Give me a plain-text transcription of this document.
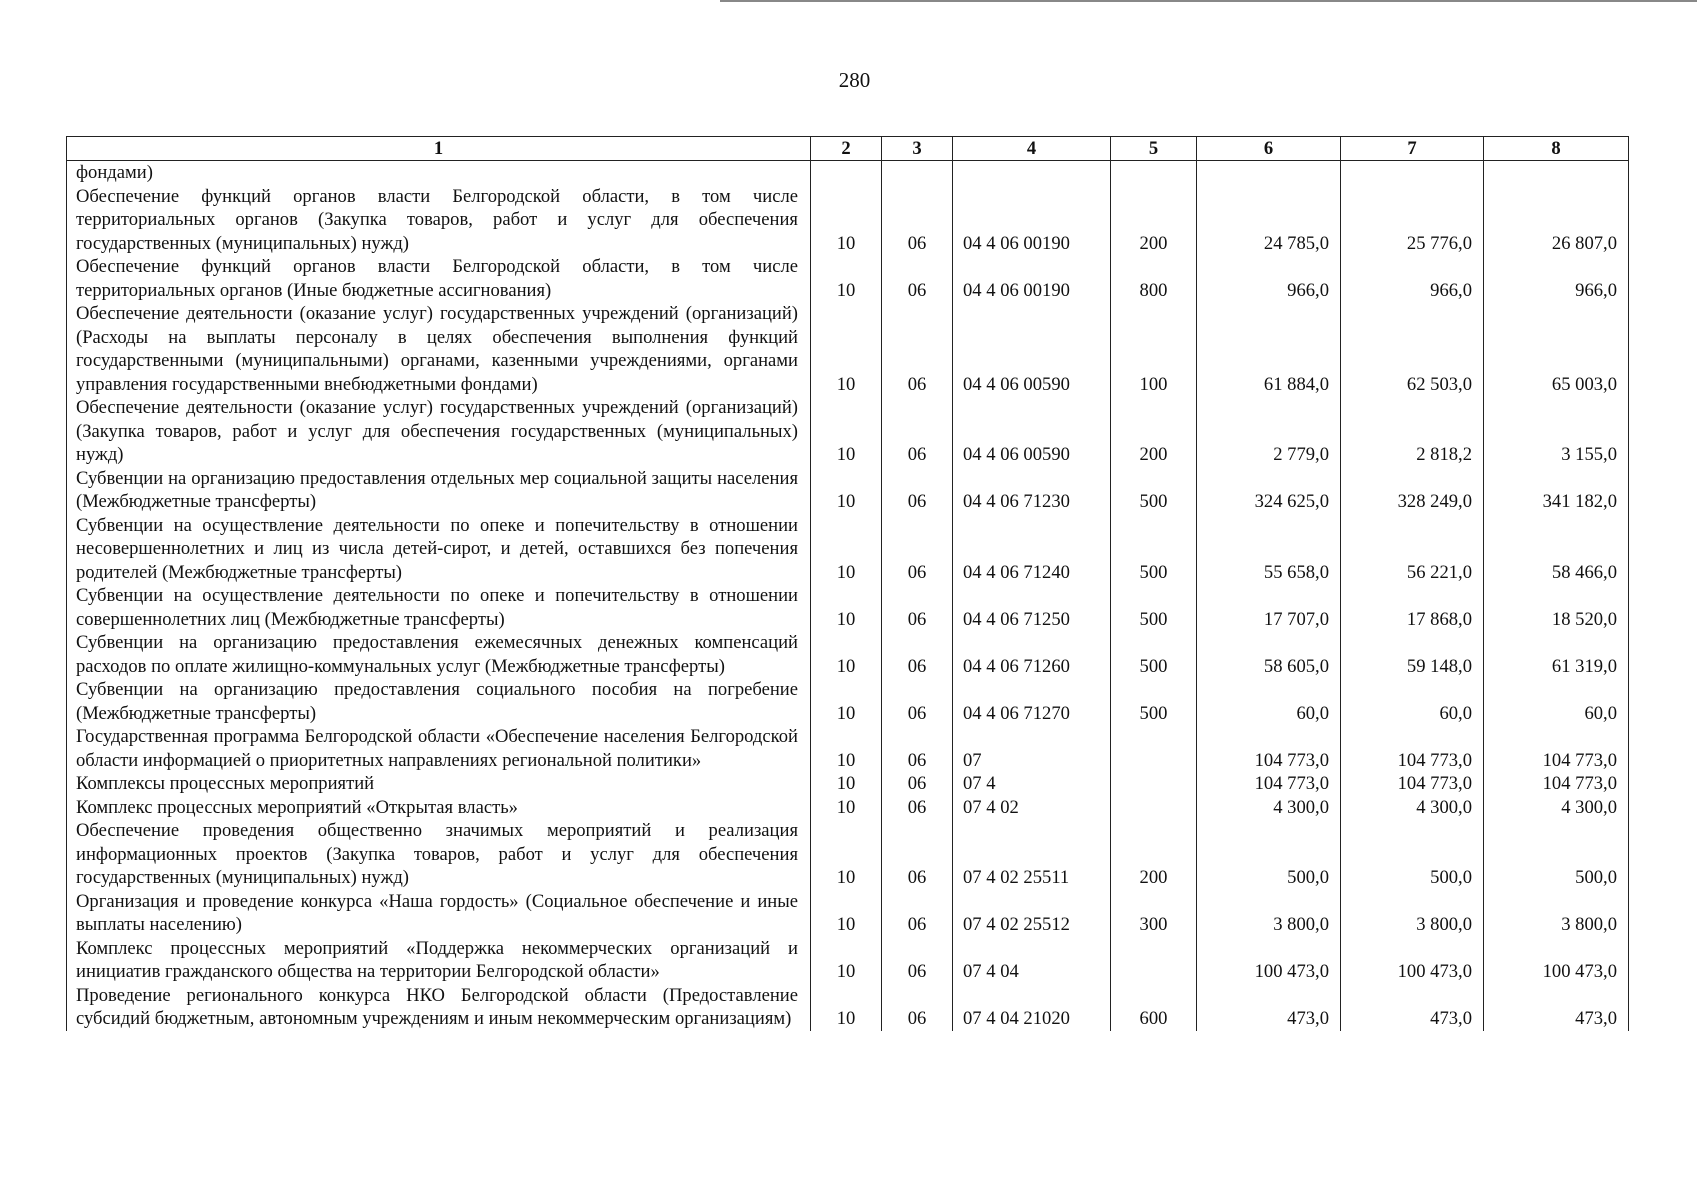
280
1	2	3	4	5	6	7	8
фондами)							
Обеспечение функций органов власти Белгородской области, в том числе территориальных органов (Закупка товаров, работ и услуг для обеспечения государственных (муниципальных) нужд)	10	06	04 4 06 00190	200	24 785,0	25 776,0	26 807,0
Обеспечение функций органов власти Белгородской области, в том числе территориальных органов (Иные бюджетные ассигнования)	10	06	04 4 06 00190	800	966,0	966,0	966,0
Обеспечение деятельности (оказание услуг) государственных учреждений (организаций) (Расходы на выплаты персоналу в целях обеспечения выполнения функций государственными (муниципальными) органами, казенными учреждениями, органами управления государственными внебюджетными фондами)	10	06	04 4 06 00590	100	61 884,0	62 503,0	65 003,0
Обеспечение деятельности (оказание услуг) государственных учреждений (организаций) (Закупка товаров, работ и услуг для обеспечения государственных (муниципальных) нужд)	10	06	04 4 06 00590	200	2 779,0	2 818,2	3 155,0
Субвенции на организацию предоставления отдельных мер социальной защиты населения (Межбюджетные трансферты)	10	06	04 4 06 71230	500	324 625,0	328 249,0	341 182,0
Субвенции на осуществление деятельности по опеке и попечительству в отношении несовершеннолетних и лиц из числа детей-сирот, и детей, оставшихся без попечения родителей (Межбюджетные трансферты)	10	06	04 4 06 71240	500	55 658,0	56 221,0	58 466,0
Субвенции на осуществление деятельности по опеке и попечительству в отношении совершеннолетних лиц (Межбюджетные трансферты)	10	06	04 4 06 71250	500	17 707,0	17 868,0	18 520,0
Субвенции на организацию предоставления ежемесячных денежных компенсаций расходов по оплате жилищно-коммунальных услуг (Межбюджетные трансферты)	10	06	04 4 06 71260	500	58 605,0	59 148,0	61 319,0
Субвенции на организацию предоставления социального пособия на погребение (Межбюджетные трансферты)	10	06	04 4 06 71270	500	60,0	60,0	60,0
Государственная программа Белгородской области «Обеспечение населения Белгородской области информацией о приоритетных направлениях региональной политики»	10	06	07		104 773,0	104 773,0	104 773,0
Комплексы процессных мероприятий	10	06	07 4		104 773,0	104 773,0	104 773,0
Комплекс процессных мероприятий «Открытая власть»	10	06	07 4 02		4 300,0	4 300,0	4 300,0
Обеспечение проведения общественно значимых мероприятий и реализация информационных проектов (Закупка товаров, работ и услуг для обеспечения государственных (муниципальных) нужд)	10	06	07 4 02 25511	200	500,0	500,0	500,0
Организация и проведение конкурса «Наша гордость» (Социальное обеспечение и иные выплаты населению)	10	06	07 4 02 25512	300	3 800,0	3 800,0	3 800,0
Комплекс процессных мероприятий «Поддержка некоммерческих организаций и инициатив гражданского общества на территории Белгородской области»	10	06	07 4 04		100 473,0	100 473,0	100 473,0
Проведение регионального конкурса НКО Белгородской области (Предоставление субсидий бюджетным, автономным учреждениям и иным некоммерческим организациям)	10	06	07 4 04 21020	600	473,0	473,0	473,0
